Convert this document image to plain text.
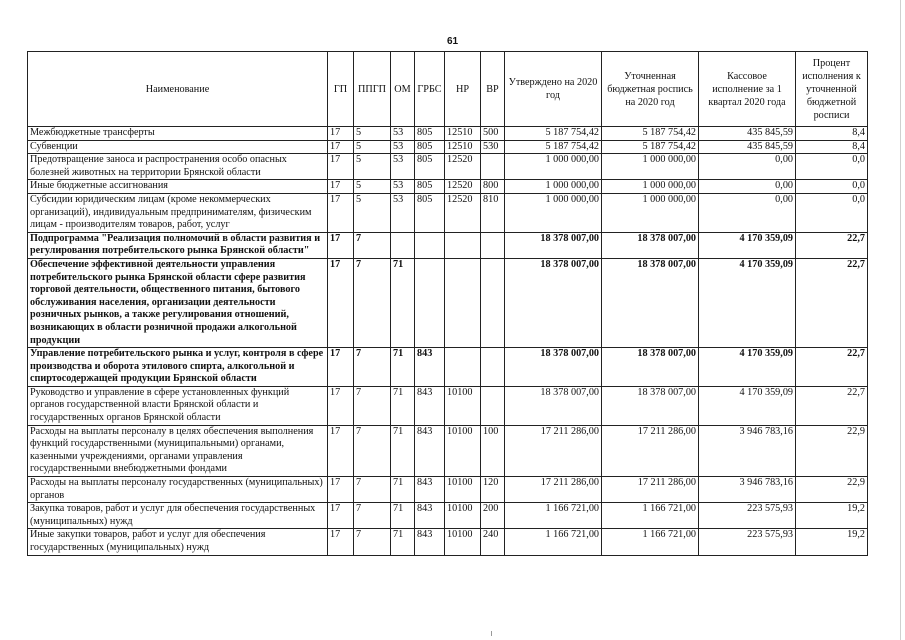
61
Наименование	ГП	ППГП	ОМ	ГРБС	НР	ВР	Утверждено на 2020 год	Уточненная бюджетная роспись на 2020 год	Кассовое исполнение за 1 квартал 2020 года	Процент исполнения к уточненной бюджетной росписи
Межбюджетные трансферты	17	5	53	805	12510	500	5 187 754,42	5 187 754,42	435 845,59	8,4
Субвенции	17	5	53	805	12510	530	5 187 754,42	5 187 754,42	435 845,59	8,4
Предотвращение заноса и распространения особо опасных болезней животных на территории Брянской области	17	5	53	805	12520		1 000 000,00	1 000 000,00	0,00	0,0
Иные бюджетные ассигнования	17	5	53	805	12520	800	1 000 000,00	1 000 000,00	0,00	0,0
Субсидии юридическим лицам (кроме некоммерческих организаций), индивидуальным предпринимателям, физическим лицам - производителям товаров, работ, услуг	17	5	53	805	12520	810	1 000 000,00	1 000 000,00	0,00	0,0
Подпрограмма "Реализация полномочий в области развития и регулирования потребительского рынка Брянской области"	17	7					18 378 007,00	18 378 007,00	4 170 359,09	22,7
Обеспечение эффективной деятельности управления потребительского рынка Брянской области сфере развития торговой деятельности, общественного питания, бытового обслуживания населения, организации деятельности розничных рынков, а также регулирования отношений, возникающих в области розничной продажи алкогольной продукции	17	7	71				18 378 007,00	18 378 007,00	4 170 359,09	22,7
Управление потребительского рынка и услуг, контроля в сфере производства и оборота этилового спирта, алкогольной и спиртосодержащей продукции Брянской области	17	7	71	843			18 378 007,00	18 378 007,00	4 170 359,09	22,7
Руководство и управление в сфере установленных функций органов государственной власти Брянской области и государственных органов Брянской области	17	7	71	843	10100		18 378 007,00	18 378 007,00	4 170 359,09	22,7
Расходы на выплаты персоналу в целях обеспечения выполнения функций государственными (муниципальными) органами, казенными учреждениями, органами управления государственными внебюджетными фондами	17	7	71	843	10100	100	17 211 286,00	17 211 286,00	3 946 783,16	22,9
Расходы на выплаты персоналу государственных (муниципальных) органов	17	7	71	843	10100	120	17 211 286,00	17 211 286,00	3 946 783,16	22,9
Закупка товаров, работ и услуг для обеспечения государственных (муниципальных) нужд	17	7	71	843	10100	200	1 166 721,00	1 166 721,00	223 575,93	19,2
Иные закупки товаров, работ и услуг для обеспечения государственных (муниципальных) нужд	17	7	71	843	10100	240	1 166 721,00	1 166 721,00	223 575,93	19,2
